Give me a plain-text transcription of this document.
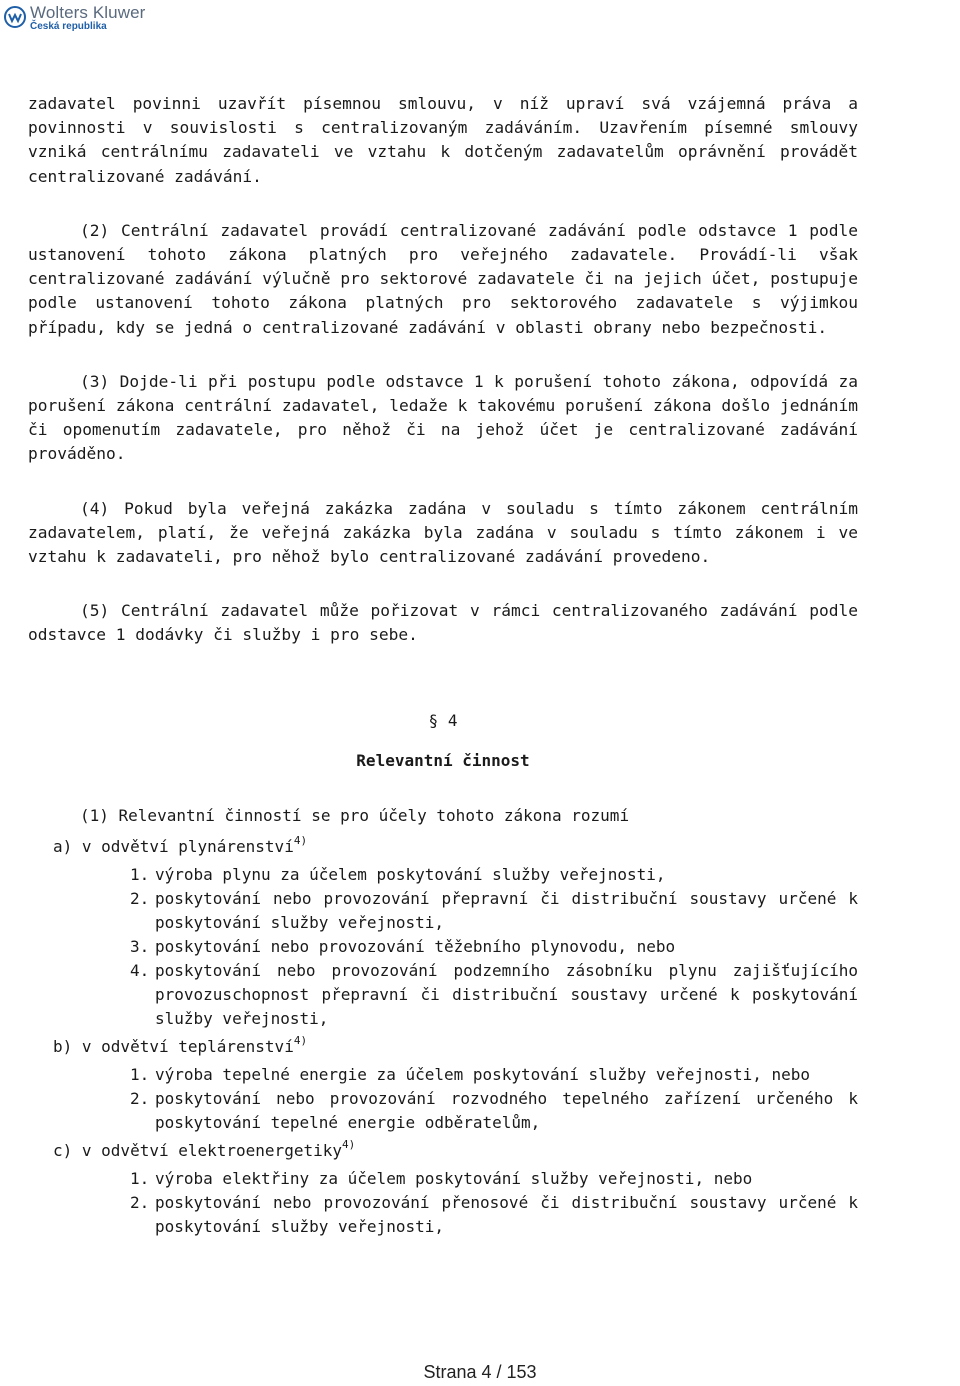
Wolters Kluwer
Česká republika

zadavatel povinni uzavřít písemnou smlouvu, v níž upraví svá vzájemná práva a povinnosti v souvislosti s centralizovaným zadáváním. Uzavřením písemné smlouvy vzniká centrálnímu zadavateli ve vztahu k dotčeným zadavatelům oprávnění provádět centralizované zadávání.

(2) Centrální zadavatel provádí centralizované zadávání podle odstavce 1 podle ustanovení tohoto zákona platných pro veřejného zadavatele. Provádí-li však centralizované zadávání výlučně pro sektorové zadavatele či na jejich účet, postupuje podle ustanovení tohoto zákona platných pro sektorového zadavatele s výjimkou případu, kdy se jedná o centralizované zadávání v oblasti obrany nebo bezpečnosti.

(3) Dojde-li při postupu podle odstavce 1 k porušení tohoto zákona, odpovídá za porušení zákona centrální zadavatel, ledaže k takovému porušení zákona došlo jednáním či opomenutím zadavatele, pro něhož či na jehož účet je centralizované zadávání prováděno.

(4) Pokud byla veřejná zakázka zadána v souladu s tímto zákonem centrálním zadavatelem, platí, že veřejná zakázka byla zadána v souladu s tímto zákonem i ve vztahu k zadavateli, pro něhož bylo centralizované zadávání provedeno.

(5) Centrální zadavatel může pořizovat v rámci centralizovaného zadávání podle odstavce 1 dodávky či služby i pro sebe.

§ 4

Relevantní činnost

(1) Relevantní činností se pro účely tohoto zákona rozumí

a) v odvětví plynárenství$^{4)}$

1. výroba plynu za účelem poskytování služby veřejnosti,
2. poskytování nebo provozování přepravní či distribuční soustavy určené k poskytování služby veřejnosti,
3. poskytování nebo provozování těžebního plynovodu, nebo
4. poskytování nebo provozování podzemního zásobníku plynu zajišťujícího provozuschopnost přepravní či distribuční soustavy určené k poskytování služby veřejnosti,

b) v odvětví teplárenství$^{4)}$

1. výroba tepelné energie za účelem poskytování služby veřejnosti, nebo
2. poskytování nebo provozování rozvodného tepelného zařízení určeného k poskytování tepelné energie odběratelům,

c) v odvětví elektroenergetiky$^{4)}$

1. výroba elektřiny za účelem poskytování služby veřejnosti, nebo
2. poskytování nebo provozování přenosové či distribuční soustavy určené k poskytování služby veřejnosti,
Strana 4 / 153
